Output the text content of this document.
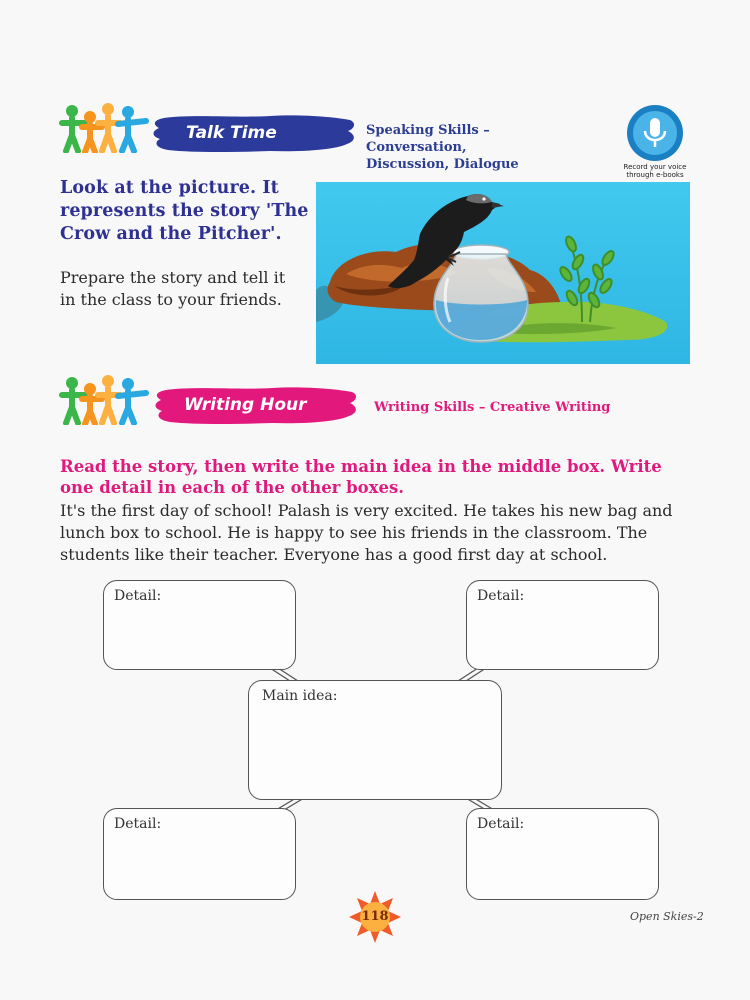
Talk Time	Speaking Skills –
Conversation,
Discussion, Dialogue	Record your voice
through e-books
Look at the picture. It
represents the story 'The
Crow and the Pitcher'.
Prepare the story and tell it
in the class to your friends.
Writing Hour	Writing Skills – Creative Writing
Read the story, then write the main idea in the middle box. Write
one detail in each of the other boxes.
It's the first day of school! Palash is very excited. He takes his new bag and
lunch box to school. He is happy to see his friends in the classroom. The
students like their teacher. Everyone has a good first day at school.
Detail:	Detail:
Main idea:
Detail:	Detail:
118	Open Skies-2
